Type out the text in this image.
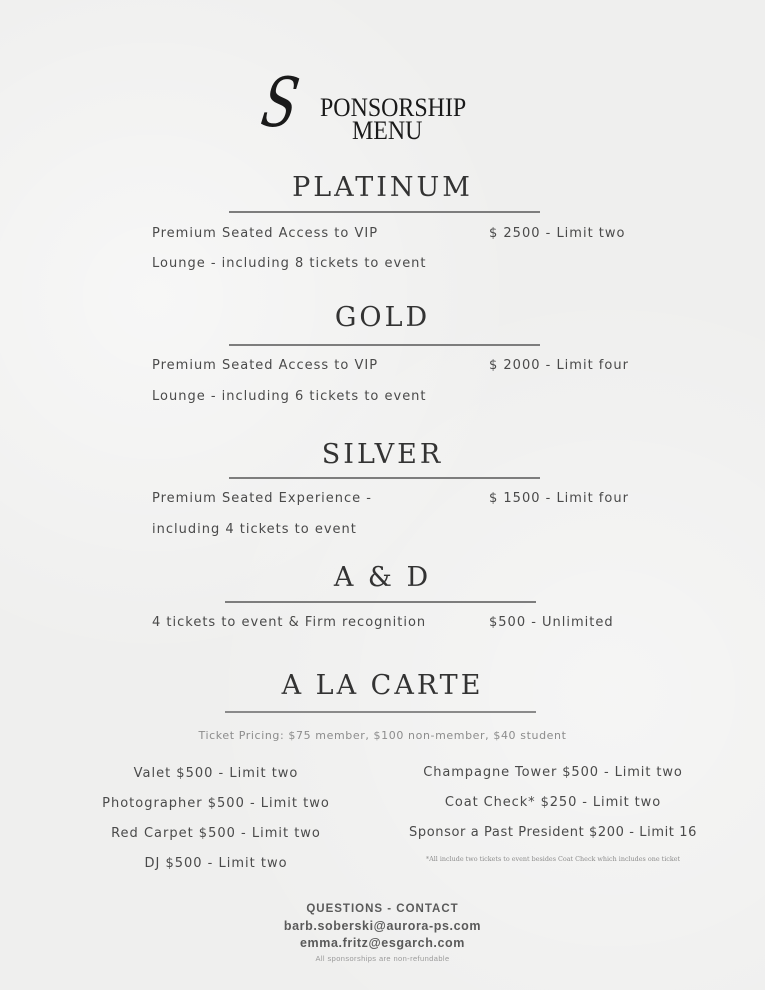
S PONSORSHIP
MENU
PLATINUM
Premium Seated Access to VIP
Lounge - including 8 tickets to event
$ 2500 - Limit two
GOLD
Premium Seated Access to VIP
Lounge - including 6 tickets to event
$ 2000 - Limit four
SILVER
Premium Seated Experience -
including 4 tickets to event
$ 1500 - Limit four
A & D
4 tickets to event & Firm recognition	$500 - Unlimited
A LA CARTE
Ticket Pricing: $75 member, $100 non-member, $40 student
Valet $500 - Limit two
Photographer $500 - Limit two
Red Carpet $500 - Limit two
DJ $500 - Limit two
Champagne Tower $500 - Limit two
Coat Check* $250 - Limit two
Sponsor a Past President $200 - Limit 16
*All include two tickets to event besides Coat Check which includes one ticket
QUESTIONS - CONTACT
barb.soberski@aurora-ps.com
emma.fritz@esgarch.com
All sponsorships are non-refundable
